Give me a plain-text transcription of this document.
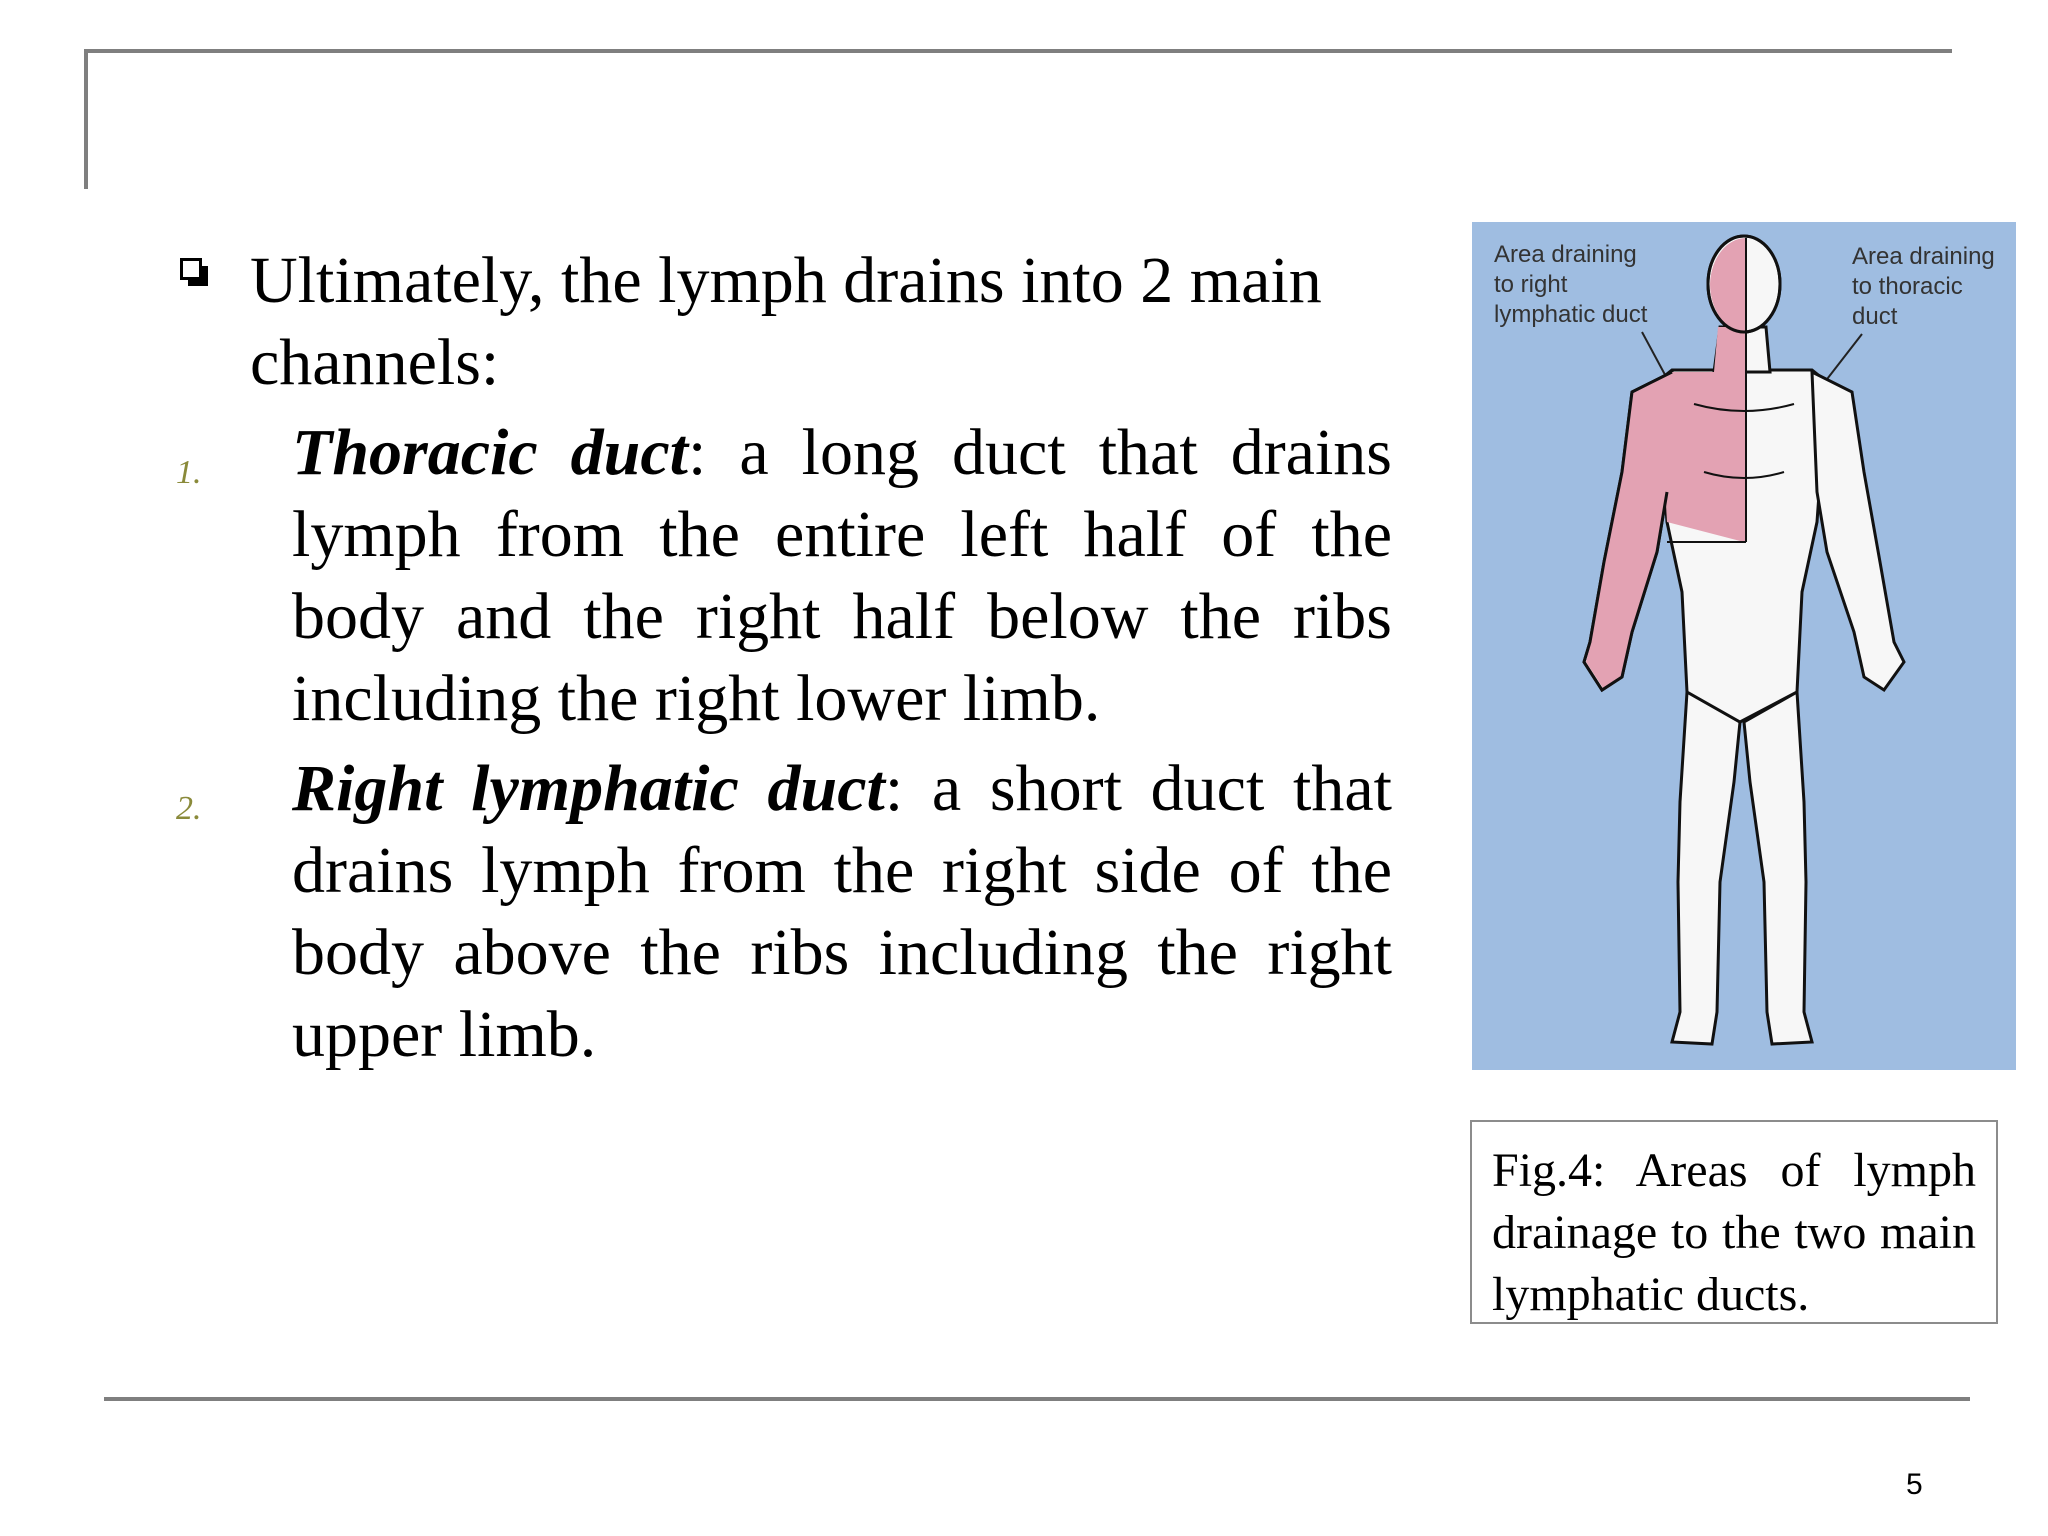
Ultimately, the lymph drains into 2 main channels:
1. Thoracic duct: a long duct that drains lymph from the entire left half of the body and the right half below the ribs including the right lower limb.
2. Right lymphatic duct: a short duct that drains lymph from the right side of the body above the ribs including the right upper limb.
Area draining
to right
lymphatic duct
Area draining
to thoracic
duct
Fig.4: Areas of lymph drainage to the two main lymphatic ducts.
5
